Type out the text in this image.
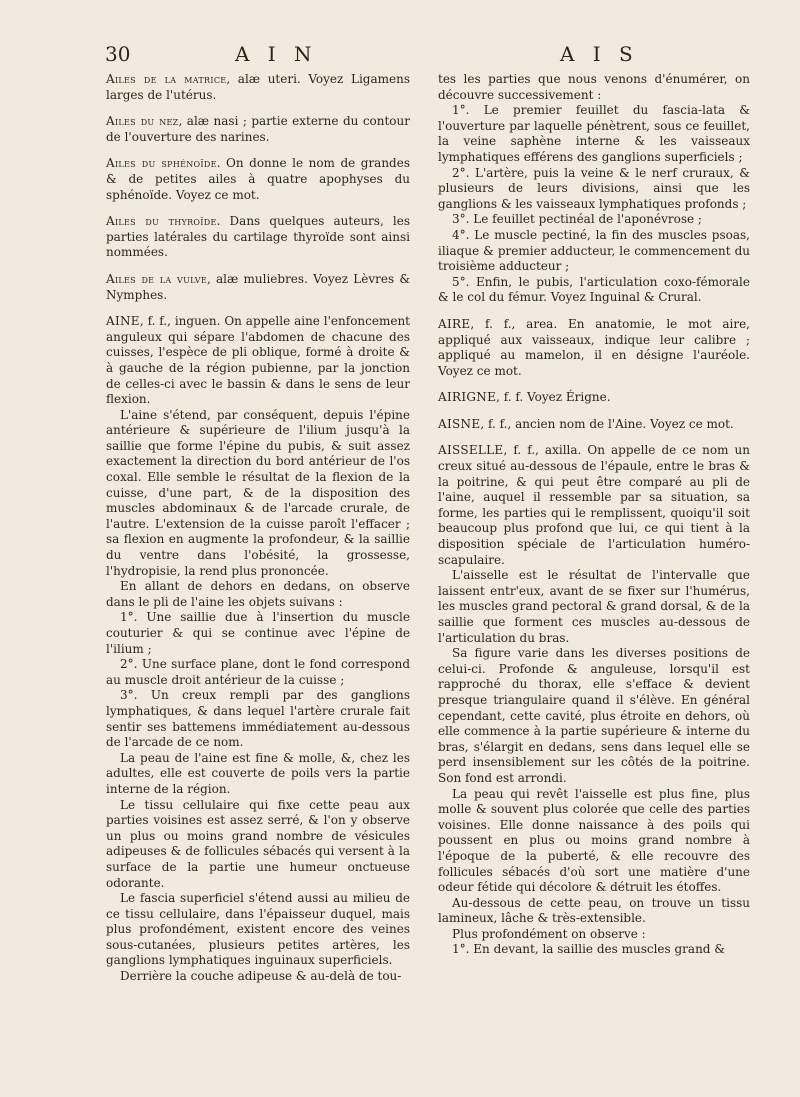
30	A I N	A I S

Ailes de la matrice, alæ uteri. Voyez Ligamens larges de l'utérus.

Ailes du nez, alæ nasi ; partie externe du contour de l'ouverture des narines.

Ailes du sphénoïde. On donne le nom de grandes & de petites ailes à quatre apophyses du sphénoïde. Voyez ce mot.

Ailes du thyroïde. Dans quelques auteurs, les parties latérales du cartilage thyroïde sont ainsi nommées.

Ailes de la vulve, alæ muliebres. Voyez Lèvres & Nymphes.

AINE, f. f., inguen. On appelle aine l'enfoncement anguleux qui sépare l'abdomen de chacune des cuisses, l'espèce de pli oblique, formé à droite & à gauche de la région pubienne, par la jonction de celles-ci avec le bassin & dans le sens de leur flexion.

L'aine s'étend, par conséquent, depuis l'épine antérieure & supérieure de l'ilium jusqu'à la saillie que forme l'épine du pubis, & suit assez exactement la direction du bord antérieur de l'os coxal. Elle semble le résultat de la flexion de la cuisse, d'une part, & de la disposition des muscles abdominaux & de l'arcade crurale, de l'autre. L'extension de la cuisse paroît l'effacer ; sa flexion en augmente la profondeur, & la saillie du ventre dans l'obésité, la grossesse, l'hydropisie, la rend plus prononcée.

En allant de dehors en dedans, on observe dans le pli de l'aine les objets suivans :

1°. Une saillie due à l'insertion du muscle couturier & qui se continue avec l'épine de l'ilium ;

2°. Une surface plane, dont le fond correspond au muscle droit antérieur de la cuisse ;

3°. Un creux rempli par des ganglions lymphatiques, & dans lequel l'artère crurale fait sentir ses battemens immédiatement au-dessous de l'arcade de ce nom.

La peau de l'aine est fine & molle, &, chez les adultes, elle est couverte de poils vers la partie interne de la région.

Le tissu cellulaire qui fixe cette peau aux parties voisines est assez serré, & l'on y observe un plus ou moins grand nombre de vésicules adipeuses & de follicules sébacés qui versent à la surface de la partie une humeur onctueuse odorante.

Le fascia superficiel s'étend aussi au milieu de ce tissu cellulaire, dans l'épaisseur duquel, mais plus profondément, existent encore des veines sous-cutanées, plusieurs petites artères, les ganglions lymphatiques inguinaux superficiels.

Derrière la couche adipeuse & au-delà de tou-

tes les parties que nous venons d'énumérer, on découvre successivement :

1°. Le premier feuillet du fascia-lata & l'ouverture par laquelle pénètrent, sous ce feuillet, la veine saphène interne & les vaisseaux lymphatiques efférens des ganglions superficiels ;

2°. L'artère, puis la veine & le nerf cruraux, & plusieurs de leurs divisions, ainsi que les ganglions & les vaisseaux lymphatiques profonds ;

3°. Le feuillet pectinéal de l'aponévrose ;

4°. Le muscle pectiné, la fin des muscles psoas, iliaque & premier adducteur, le commencement du troisième adducteur ;

5°. Enfin, le pubis, l'articulation coxo-fémorale & le col du fémur. Voyez Inguinal & Crural.

AIRE, f. f., area. En anatomie, le mot aire, appliqué aux vaisseaux, indique leur calibre ; appliqué au mamelon, il en désigne l'auréole. Voyez ce mot.

AIRIGNE, f. f. Voyez Érigne.

AISNE, f. f., ancien nom de l'Aine. Voyez ce mot.

AISSELLE, f. f., axilla. On appelle de ce nom un creux situé au-dessous de l'épaule, entre le bras & la poitrine, & qui peut être comparé au pli de l'aine, auquel il ressemble par sa situation, sa forme, les parties qui le remplissent, quoiqu'il soit beaucoup plus profond que lui, ce qui tient à la disposition spéciale de l'articulation huméro-scapulaire.

L'aisselle est le résultat de l'intervalle que laissent entr'eux, avant de se fixer sur l'humérus, les muscles grand pectoral & grand dorsal, & de la saillie que forment ces muscles au-dessous de l'articulation du bras.

Sa figure varie dans les diverses positions de celui-ci. Profonde & anguleuse, lorsqu'il est rapproché du thorax, elle s'efface & devient presque triangulaire quand il s'élève. En général cependant, cette cavité, plus étroite en dehors, où elle commence à la partie supérieure & interne du bras, s'élargit en dedans, sens dans lequel elle se perd insensiblement sur les côtés de la poitrine. Son fond est arrondi.

La peau qui revêt l'aisselle est plus fine, plus molle & souvent plus colorée que celle des parties voisines. Elle donne naissance à des poils qui poussent en plus ou moins grand nombre à l'époque de la puberté, & elle recouvre des follicules sébacés d'où sort une matière d'une odeur fétide qui décolore & détruit les étoffes.

Au-dessous de cette peau, on trouve un tissu lamineux, lâche & très-extensible.

Plus profondément on observe :

1°. En devant, la saillie des muscles grand &
